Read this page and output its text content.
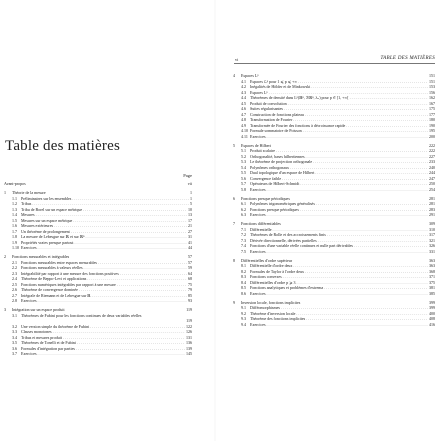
Table des matières
Page
Avant-propos	vii
1 Théorie de la mesure	1
1.1 Préliminaires sur les ensembles . . .	1
1.2 Tribus . . .	5
1.3 Tribu de Borel sur un espace métrique . . .	10
1.4 Mesures . . .	13
1.5 Mesures sur un espace métrique . . .	17
1.6 Mesures extérieures . . .	21
1.7 Un théorème de prolongement . . .	27
1.8 La mesure de Lebesgue sur ℝ et sur ℝⁿ . . .	31
1.9 Propriétés vraies presque partout . . .	41
1.10 Exercices . . .	44
2 Fonctions mesurables et intégrables	57
2.1 Fonctions mesurables entre espaces mesurables . . .	57
2.2 Fonctions mesurables à valeurs réelles . . .	59
2.3 Intégrabilité par rapport à une mesure des fonctions positives . . .	64
2.4 Théorème de Beppo-Levi et applications . . .	68
2.5 Fonctions numériques intégrables par rapport à une mesure . . .	75
2.6 Théorème de convergence dominée . . .	79
2.7 Intégrale de Riemann et de Lebesgue sur ℝ . . .	85
2.8 Exercices . . .	93
3 Intégration sur un espace produit	119
3.1 Théorèmes de Fubini pour les fonctions continues de deux variables réelles
119
3.2 Une version simple du théorème de Fubini . . .	122
3.3 Classes monotones . . .	126
3.4 Tribus et mesures produit . . .	131
3.5 Théorèmes de Tonelli et de Fubini . . .	136
3.6 Formules d'intégration par parties . . .	139
3.7 Exercices . . .	145
vi	TABLE DES MATIÈRES
4 Espaces Lᵖ	151
4.1 Espaces ℒᵖ pour 1 ⩽ p ⩽ +∞ . . .	151
4.2 Inégalités de Hölder et de Minkowski . . .	153
4.3 Espaces Lᵖ . . .	156
4.4 Théorèmes de densité dans Lᵖ(ℝⁿ, ℬℝⁿ, λₙ) pour p ∈ [1, +∞[ . . .	162
4.5 Produit de convolution . . .	167
4.6 Suites régularisantes . . .	175
4.7 Construction de fonctions plateau . . .	177
4.8 Transformation de Fourier . . .	180
4.9 Transformée de Fourier des fonctions à décroissance rapide . . .	190
4.10 Formule sommatoire de Poisson . . .	195
4.11 Exercices . . .	200
5 Espaces de Hilbert	222
5.1 Produit scalaire . . .	222
5.2 Orthogonalité, bases hilbertiennes . . .	227
5.3 Le théorème de projection orthogonale . . .	233
5.4 Polynômes orthogonaux . . .	240
5.5 Dual topologique d'un espace de Hilbert . . .	244
5.6 Convergence faible . . .	247
5.7 Opérateurs de Hilbert-Schmidt . . .	250
5.8 Exercices . . .	254
6 Fonctions presque périodiques	281
6.1 Polynômes trigonométriques généralisés . . .	281
6.2 Fonctions presque périodiques . . .	283
6.3 Exercices . . .	291
7 Fonctions différentiables	309
7.1 Différentielle . . .	310
7.2 Théorèmes de Rolle et des accroissements finis . . .	317
7.3 Dérivée directionnelle, dérivées partielles . . .	321
7.4 Fonctions d'une variable réelle continues et nulle part dérivables . . .	326
7.5 Exercices . . .	331
8 Différentielles d'ordre supérieur	363
8.1 Différentielle d'ordre deux . . .	363
8.2 Formules de Taylor à l'ordre deux . . .	368
8.3 Fonctions convexes . . .	371
8.4 Différentielles d'ordre p ⩾ 3 . . .	375
8.5 Fonctions analytiques et problèmes d'extrema . . .	381
8.6 Exercices . . .	385
9 Inversion locale, fonctions implicites	399
9.1 Difféomorphismes . . .	399
9.2 Théorème d'inversion locale . . .	400
9.3 Théorème des fonctions implicites . . .	408
9.4 Exercices . . .	416
